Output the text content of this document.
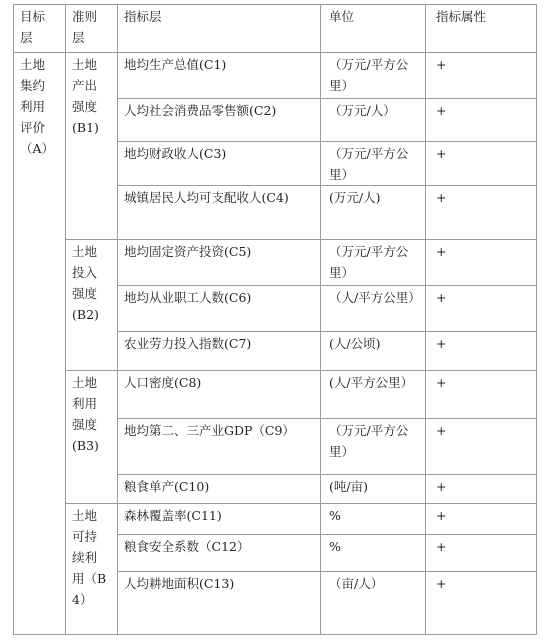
目标层	准则层	指标层	单位	指标属性
土地集约利用评价（A）	土地产出强度(B1)	地均生产总值(C1)	（万元/平方公里）	+
		人均社会消费品零售额(C2)	（万元/人）	+
		地均财政收人(C3)	（万元/平方公里）	+
		城镇居民人均可支配收人(C4)	(万元/人)	+
	土地投入强度(B2)	地均固定资产投资(C5)	（万元/平方公里）	+
		地均从业职工人数(C6)	（人/平方公里）	+
		农业劳力投入指数(C7)	(人/公顷)	+
	土地利用强度(B3)	人口密度(C8)	(人/平方公里）	+
		地均第二、三产业GDP（C9）	（万元/平方公里）	+
		粮食单产(C10)	(吨/亩)	+
	土地可持续利用（B4）	森林覆盖率(C11)	%	+
		粮食安全系数（C12）	%	+
		人均耕地面积(C13)	（亩/人）	+
